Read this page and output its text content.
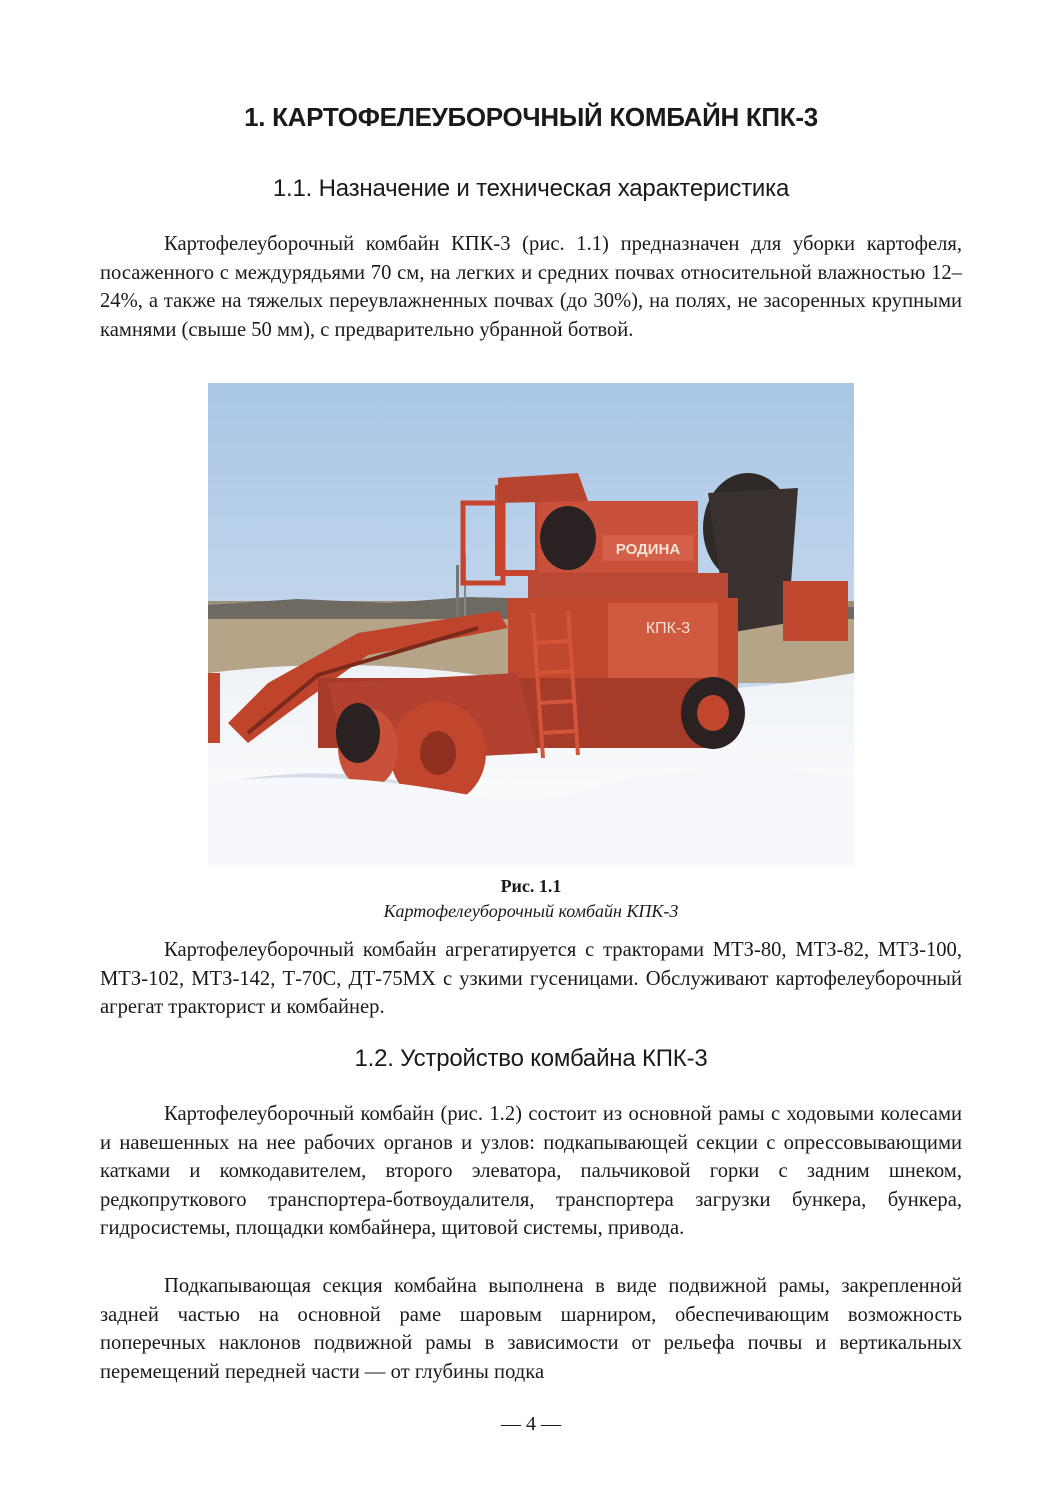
1. КАРТОФЕЛЕУБОРОЧНЫЙ КОМБАЙН КПК-3
1.1. Назначение и техническая характеристика

Картофелеуборочный комбайн КПК-3 (рис. 1.1) предназначен для уборки картофеля, посаженного с междурядьями 70 см, на легких и средних почвах относительной влажностью 12–24%, а также на тяжелых переувлажненных почвах (до 30%), на полях, не засоренных крупными камнями (свыше 50 мм), с предварительно убранной ботвой.

РОДИНА
КПК-3
Рис. 1.1
Картофелеуборочный комбайн КПК-3

Картофелеуборочный комбайн агрегатируется с тракторами МТЗ-80, МТЗ-82, МТЗ-100, МТЗ-102, МТЗ-142, Т-70С, ДТ-75МХ с узкими гусеницами. Обслуживают картофелеуборочный агрегат тракторист и комбайнер.

1.2. Устройство комбайна КПК-3

Картофелеуборочный комбайн (рис. 1.2) состоит из основной рамы с ходовыми колесами и навешенных на нее рабочих органов и узлов: подкапывающей секции с опрессовывающими катками и комкодавителем, второго элеватора, пальчиковой горки с задним шнеком, редкопруткового транспортера-ботвоудалителя, транспортера загрузки бункера, бункера, гидросистемы, площадки комбайнера, щитовой системы, привода.

Подкапывающая секция комбайна выполнена в виде подвижной рамы, закрепленной задней частью на основной раме шаровым шарниром, обеспечивающим возможность поперечных наклонов подвижной рамы в зависимости от рельефа почвы и вертикальных перемещений передней части — от глубины подка

— 4 —
